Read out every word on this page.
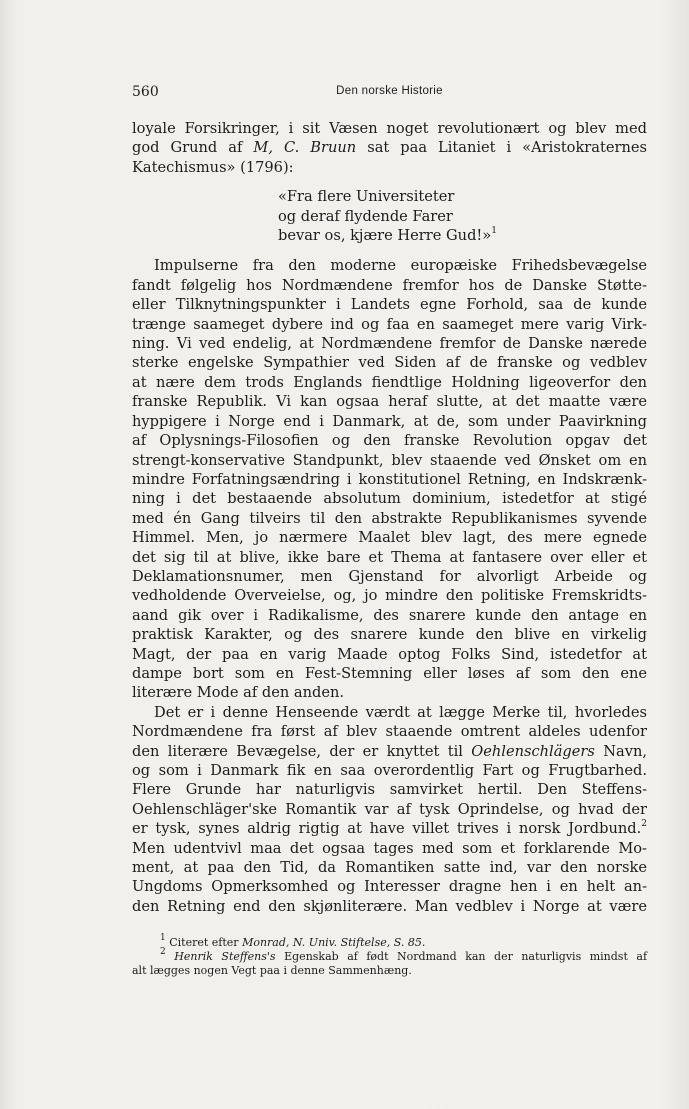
560	Den norske Historie
loyale Forsikringer, i sit Væsen noget revolutionært og blev med
god Grund af M, C. Bruun sat paa Litaniet i «Aristokraternes
Katechismus» (1796):
«Fra flere Universiteter
og deraf flydende Farer
bevar os, kjære Herre Gud!»$^1$
Impulserne fra den moderne europæiske Frihedsbevægelse
fandt følgelig hos Nordmændene fremfor hos de Danske Støtte-
eller Tilknytningspunkter i Landets egne Forhold, saa de kunde
trænge saameget dybere ind og faa en saameget mere varig Virk-
ning. Vi ved endelig, at Nordmændene fremfor de Danske nærede
sterke engelske Sympathier ved Siden af de franske og vedblev
at nære dem trods Englands fiendtlige Holdning ligeoverfor den
franske Republik. Vi kan ogsaa heraf slutte, at det maatte være
hyppigere i Norge end i Danmark, at de, som under Paavirkning
af Oplysnings-Filosofien og den franske Revolution opgav det
strengt-konservative Standpunkt, blev staaende ved Ønsket om en
mindre Forfatningsændring i konstitutionel Retning, en Indskrænk-
ning i det bestaaende absolutum dominium, istedetfor at stigé
med én Gang tilveirs til den abstrakte Republikanismes syvende
Himmel. Men, jo nærmere Maalet blev lagt, des mere egnede
det sig til at blive, ikke bare et Thema at fantasere over eller et
Deklamationsnumer, men Gjenstand for alvorligt Arbeide og
vedholdende Overveielse, og, jo mindre den politiske Fremskridts-
aand gik over i Radikalisme, des snarere kunde den antage en
praktisk Karakter, og des snarere kunde den blive en virkelig
Magt, der paa en varig Maade optog Folks Sind, istedetfor at
dampe bort som en Fest-Stemning eller løses af som den ene
literære Mode af den anden.
Det er i denne Henseende værdt at lægge Merke til, hvorledes
Nordmændene fra først af blev staaende omtrent aldeles udenfor
den literære Bevægelse, der er knyttet til Oehlenschlägers Navn,
og som i Danmark fik en saa overordentlig Fart og Frugtbarhed.
Flere Grunde har naturligvis samvirket hertil. Den Steffens-
Oehlenschläger'ske Romantik var af tysk Oprindelse, og hvad der
er tysk, synes aldrig rigtig at have villet trives i norsk Jordbund.$^2$
Men udentvivl maa det ogsaa tages med som et forklarende Mo-
ment, at paa den Tid, da Romantiken satte ind, var den norske
Ungdoms Opmerksomhed og Interesser dragne hen i en helt an-
den Retning end den skjønliterære. Man vedblev i Norge at være
$^1$ Citeret efter Monrad, N. Univ. Stiftelse, S. 85.
$^2$ Henrik Steffens's Egenskab af født Nordmand kan der naturligvis mindst af
alt lægges nogen Vegt paa i denne Sammenhæng.
